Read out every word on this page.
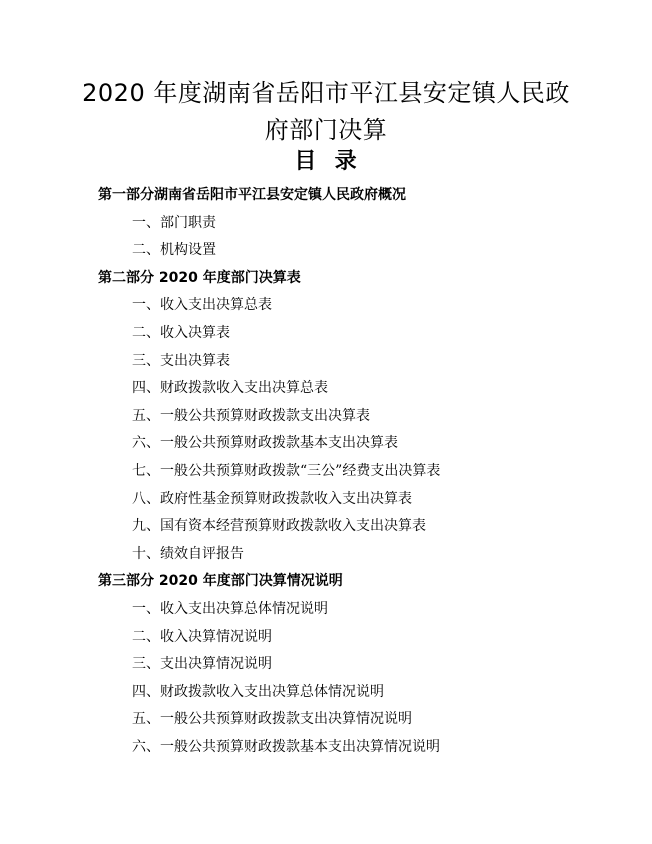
2020 年度湖南省岳阳市平江县安定镇人民政
府部门决算
目  录
第一部分湖南省岳阳市平江县安定镇人民政府概况
一、部门职责
二、机构设置
第二部分 2020 年度部门决算表
一、收入支出决算总表
二、收入决算表
三、支出决算表
四、财政拨款收入支出决算总表
五、一般公共预算财政拨款支出决算表
六、一般公共预算财政拨款基本支出决算表
七、一般公共预算财政拨款“三公”经费支出决算表
八、政府性基金预算财政拨款收入支出决算表
九、国有资本经营预算财政拨款收入支出决算表
十、绩效自评报告
第三部分 2020 年度部门决算情况说明
一、收入支出决算总体情况说明
二、收入决算情况说明
三、支出决算情况说明
四、财政拨款收入支出决算总体情况说明
五、一般公共预算财政拨款支出决算情况说明
六、一般公共预算财政拨款基本支出决算情况说明
